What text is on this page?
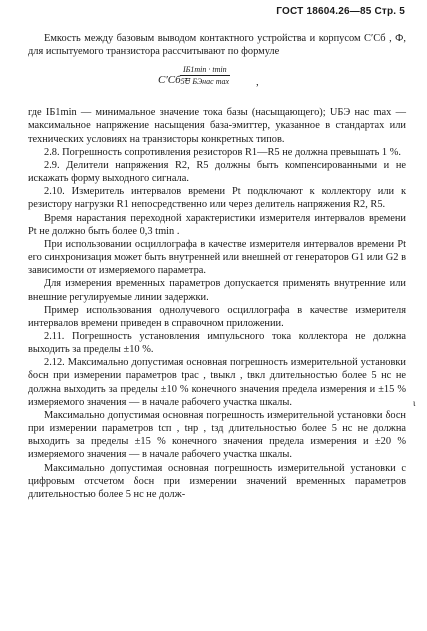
ГОСТ 18604.26—85 Стр. 5

Емкость между базовым выводом контактного устройства и корпусом C′Сб , Ф, для испытуемого транзистора рассчитывают по формуле

C′Сб =
IБ1min · tmin
5U БЭнас max ,

где IБ1min — минимальное значение тока базы (насыщающего); UБЭ нас max — максимальное напряжение насыщения база-эмиттер, указанное в стандартах или технических условиях на транзисторы конкретных типов.

2.8. Погрешность сопротивления резисторов R1—R5 не должна превышать 1 %.

2.9. Делители напряжения R2, R5 должны быть компенсированными и не искажать форму выходного сигнала.

2.10. Измеритель интервалов времени Pt подключают к коллектору или к резистору нагрузки R1 непосредственно или через делитель напряжения R2, R5.

Время нарастания переходной характеристики измерителя интервалов времени Pt не должно быть более 0,3 tmin .

При использовании осциллографа в качестве измерителя интервалов времени Pt его синхронизация может быть внутренней или внешней от генераторов G1 или G2 в зависимости от измеряемого параметра.

Для измерения временных параметров допускается применять внутренние или внешние регулируемые линии задержки.

Пример использования однолучевого осциллографа в качестве измерителя интервалов времени приведен в справочном приложении.

2.11. Погрешность установления импульсного тока коллектора не должна выходить за пределы ±10 %.

2.12. Максимально допустимая основная погрешность измерительной установки δосн при измерении параметров tрас , tвыкл , tвкл длительностью более 5 нс не должна выходить за пределы ±10 % конечного значения предела измерения и ±15 % измеряемого значения — в начале рабочего участка шкалы.

Максимально допустимая основная погрешность измерительной установки δосн при измерении параметров tсп , tнр , tзд длительностью более 5 нс не должна выходить за пределы ±15 % конечного значения предела измерения и ±20 % измеряемого значения — в начале рабочего участка шкалы.

Максимально допустимая основная погрешность измерительной установки с цифровым отсчетом δосн при измерении значений временных параметров длительностью более 5 нс не долж-

ι
